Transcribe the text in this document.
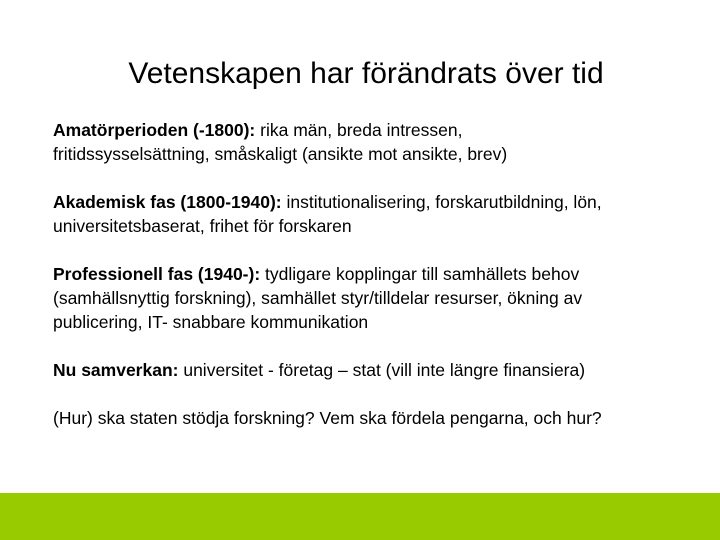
Vetenskapen har förändrats över tid

Amatörperioden (-1800): rika män, breda intressen,
fritidssysselsättning, småskaligt (ansikte mot ansikte, brev)

Akademisk fas (1800-1940): institutionalisering, forskarutbildning, lön,
universitetsbaserat, frihet för forskaren

Professionell fas (1940-): tydligare kopplingar till samhällets behov
(samhällsnyttig forskning), samhället styr/tilldelar resurser, ökning av
publicering, IT- snabbare kommunikation

Nu samverkan: universitet - företag – stat (vill inte längre finansiera)

(Hur) ska staten stödja forskning? Vem ska fördela pengarna, och hur?
